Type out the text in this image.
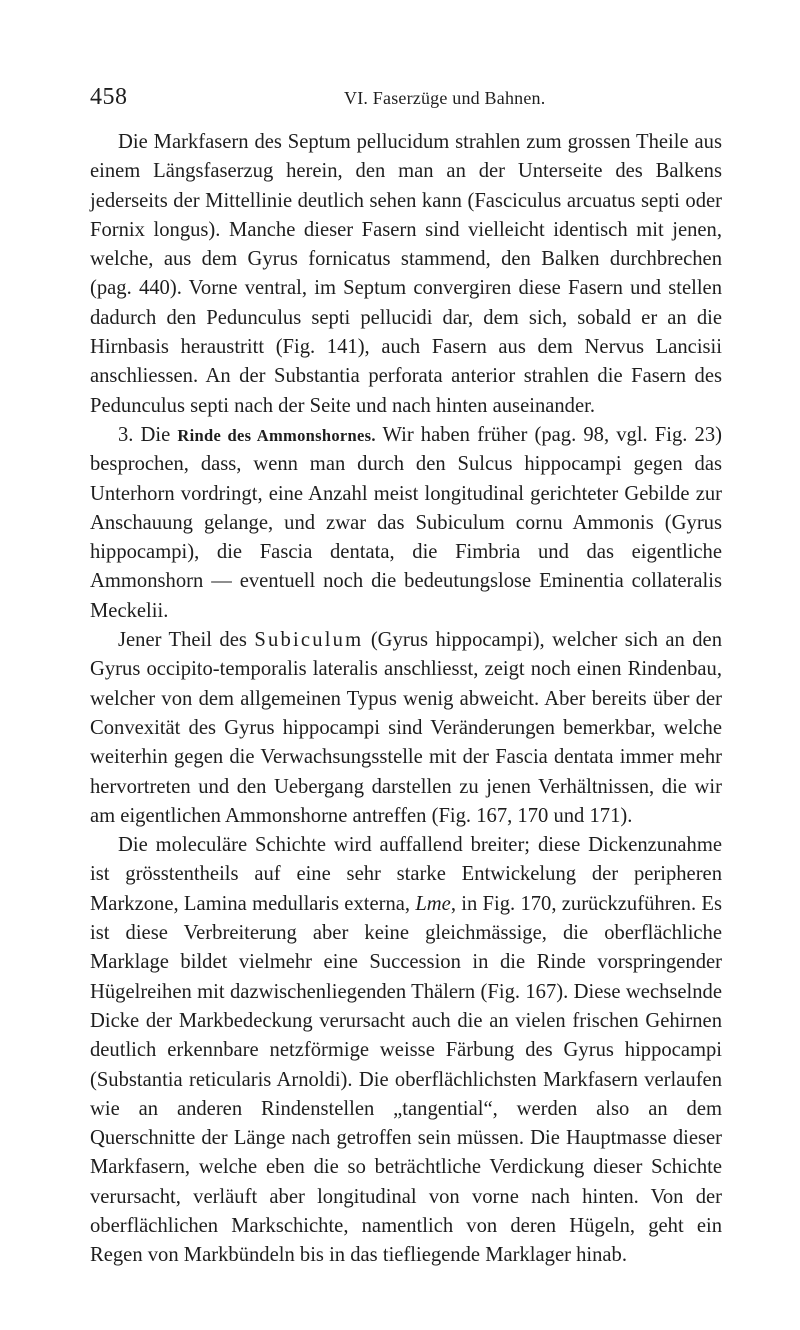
458	VI. Faserzüge und Bahnen.

Die Markfasern des Septum pellucidum strahlen zum grossen Theile aus einem Längsfaserzug herein, den man an der Unterseite des Balkens jederseits der Mittellinie deutlich sehen kann (Fasciculus arcuatus septi oder Fornix longus). Manche dieser Fasern sind vielleicht identisch mit jenen, welche, aus dem Gyrus fornicatus stammend, den Balken durchbrechen (pag. 440). Vorne ventral, im Septum convergiren diese Fasern und stellen dadurch den Pedunculus septi pellucidi dar, dem sich, sobald er an die Hirnbasis heraustritt (Fig. 141), auch Fasern aus dem Nervus Lancisii anschliessen. An der Substantia perforata anterior strahlen die Fasern des Pedunculus septi nach der Seite und nach hinten auseinander.

3. Die Rinde des Ammonshornes. Wir haben früher (pag. 98, vgl. Fig. 23) besprochen, dass, wenn man durch den Sulcus hippocampi gegen das Unterhorn vordringt, eine Anzahl meist longitudinal gerichteter Gebilde zur Anschauung gelange, und zwar das Subiculum cornu Ammonis (Gyrus hippocampi), die Fascia dentata, die Fimbria und das eigentliche Ammonshorn — eventuell noch die bedeutungslose Eminentia collateralis Meckelii.

Jener Theil des Subiculum (Gyrus hippocampi), welcher sich an den Gyrus occipito-temporalis lateralis anschliesst, zeigt noch einen Rindenbau, welcher von dem allgemeinen Typus wenig abweicht. Aber bereits über der Convexität des Gyrus hippocampi sind Veränderungen bemerkbar, welche weiterhin gegen die Verwachsungsstelle mit der Fascia dentata immer mehr hervortreten und den Uebergang darstellen zu jenen Verhältnissen, die wir am eigentlichen Ammonshorne antreffen (Fig. 167, 170 und 171).

Die moleculäre Schichte wird auffallend breiter; diese Dickenzunahme ist grösstentheils auf eine sehr starke Entwickelung der peripheren Markzone, Lamina medullaris externa, Lme, in Fig. 170, zurückzuführen. Es ist diese Verbreiterung aber keine gleichmässige, die oberflächliche Marklage bildet vielmehr eine Succession in die Rinde vorspringender Hügelreihen mit dazwischenliegenden Thälern (Fig. 167). Diese wechselnde Dicke der Markbedeckung verursacht auch die an vielen frischen Gehirnen deutlich erkennbare netzförmige weisse Färbung des Gyrus hippocampi (Substantia reticularis Arnoldi). Die oberflächlichsten Markfasern verlaufen wie an anderen Rindenstellen „tangential“, werden also an dem Querschnitte der Länge nach getroffen sein müssen. Die Hauptmasse dieser Markfasern, welche eben die so beträchtliche Verdickung dieser Schichte verursacht, verläuft aber longitudinal von vorne nach hinten. Von der oberflächlichen Markschichte, namentlich von deren Hügeln, geht ein Regen von Markbündeln bis in das tiefliegende Marklager hinab.
